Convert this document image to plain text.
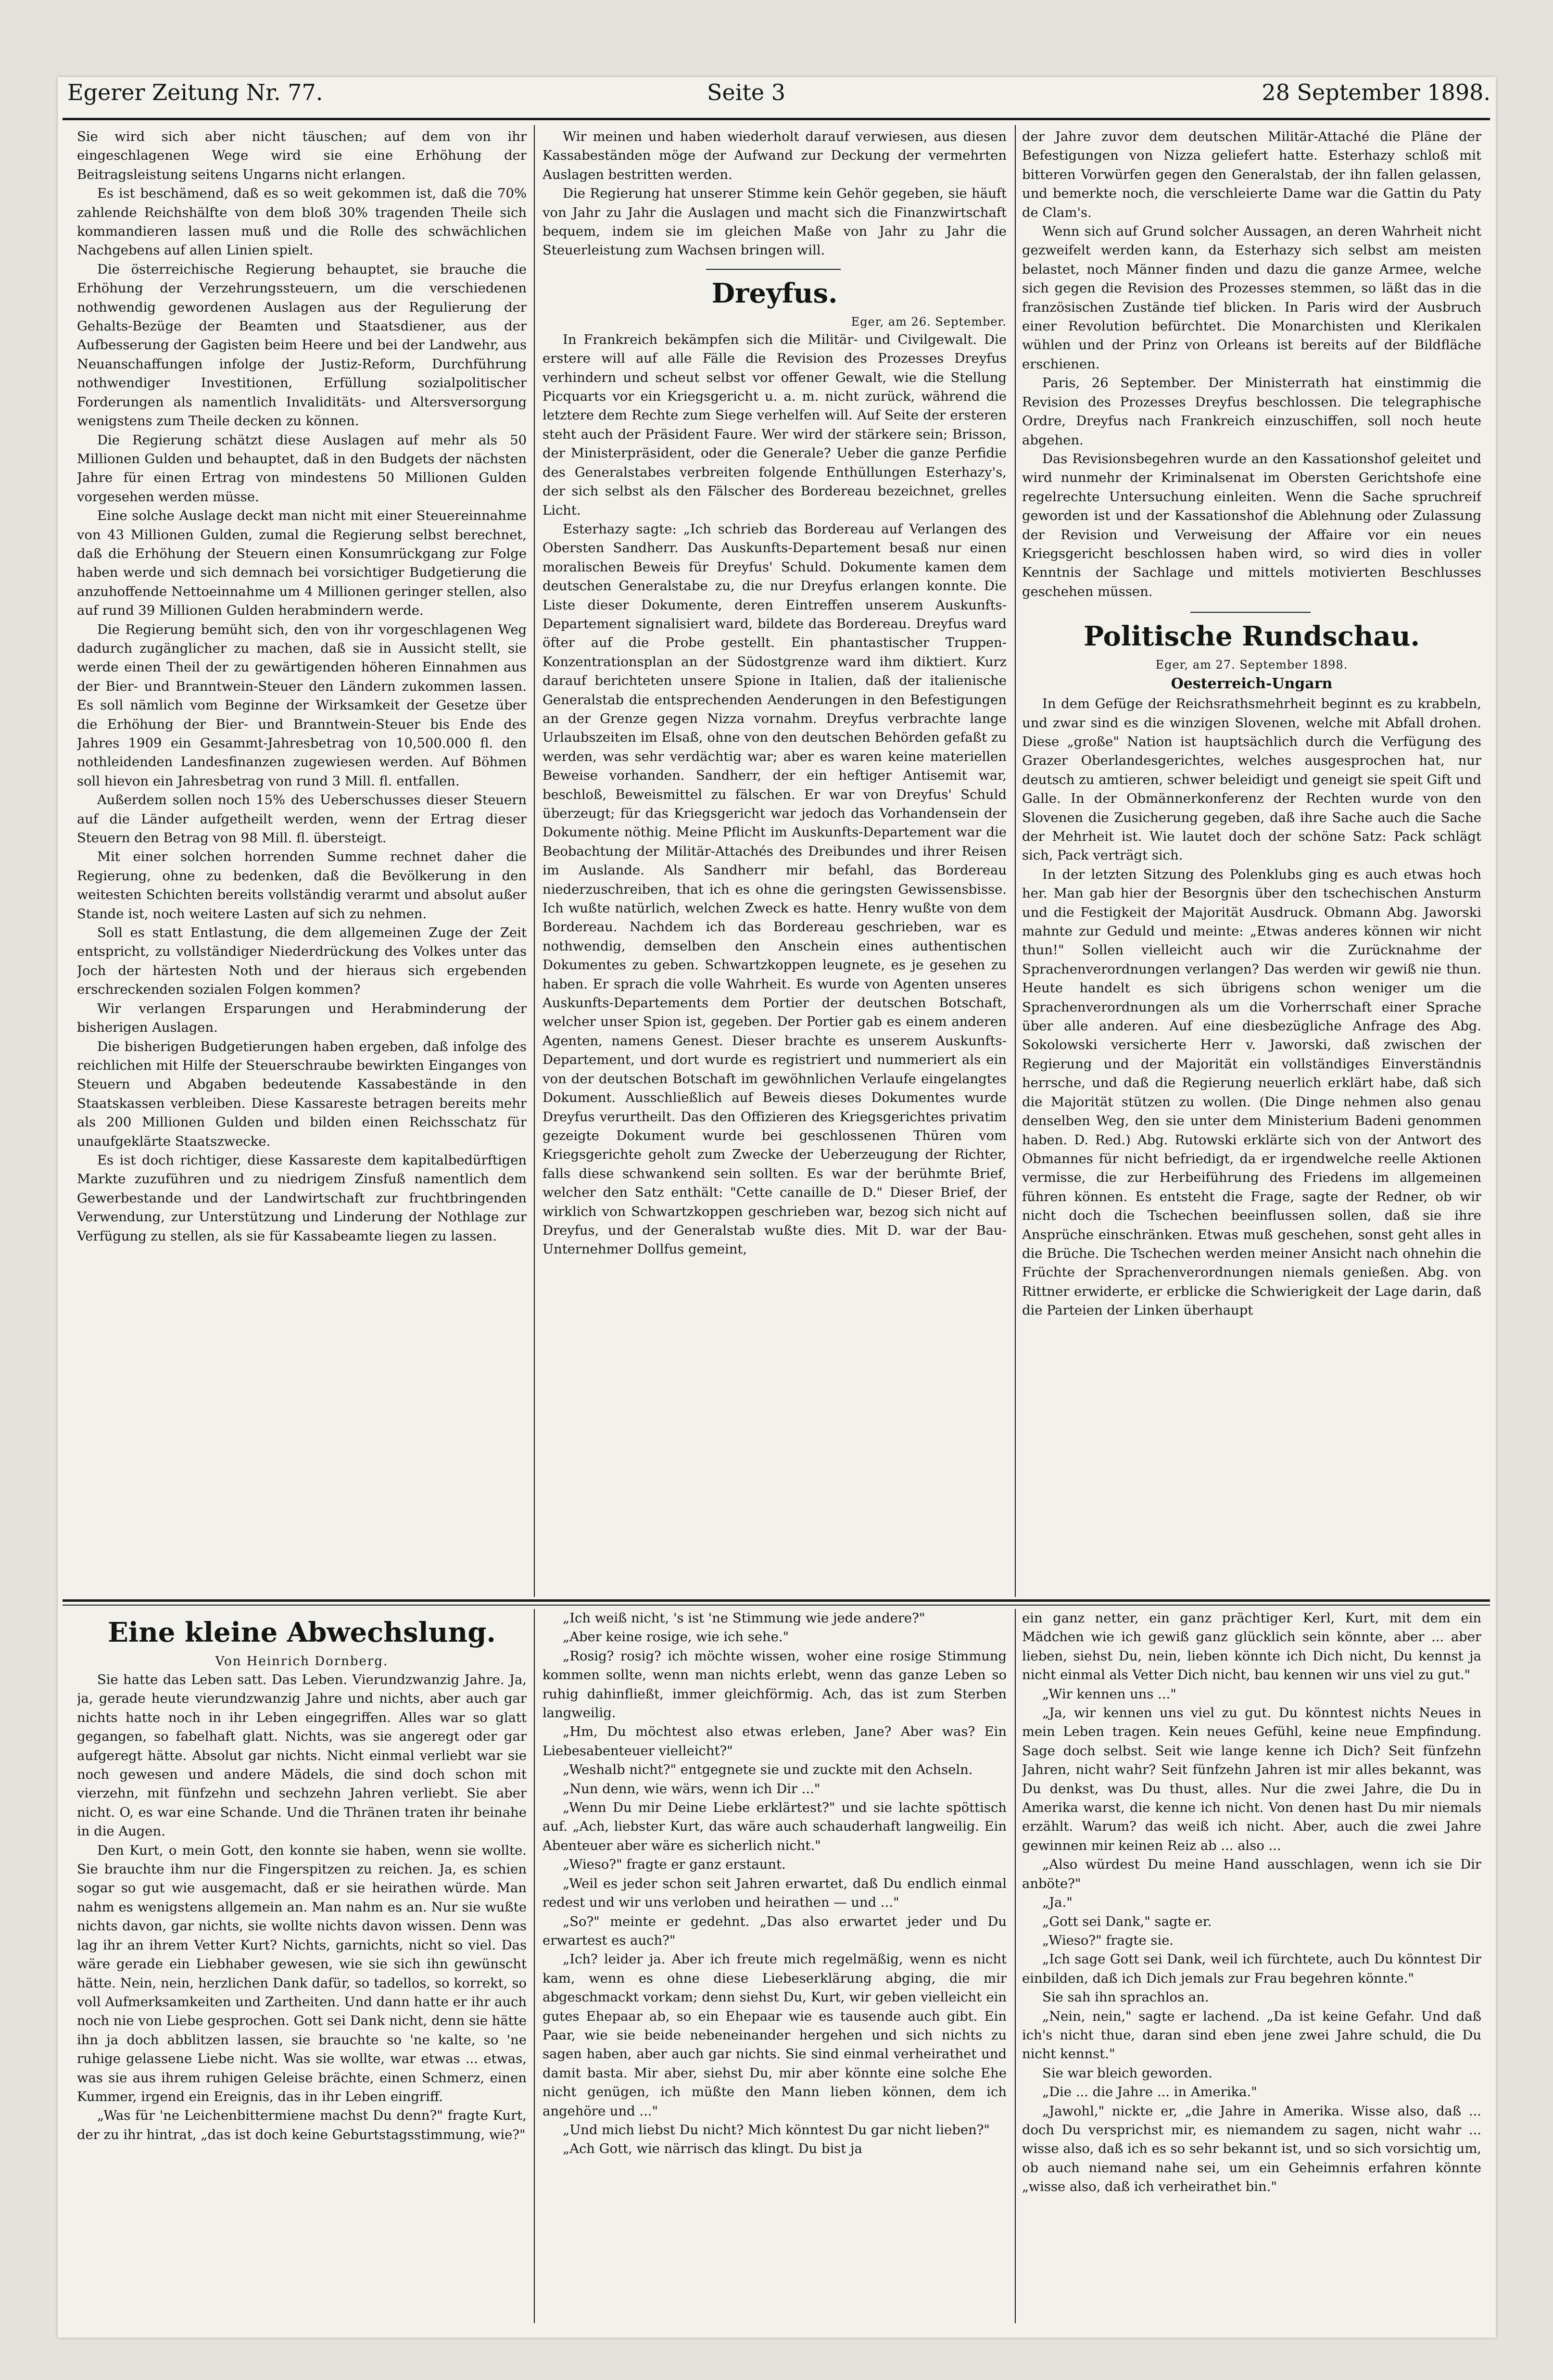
Egerer Zeitung Nr. 77.	Seite 3	28 September 1898.

Sie wird sich aber nicht täuschen; auf dem von ihr eingeschlagenen Wege wird sie eine Erhöhung der Beitragsleistung seitens Ungarns nicht erlangen.

Es ist beschämend, daß es so weit gekommen ist, daß die 70% zahlende Reichshälfte von dem bloß 30% tragenden Theile sich kommandieren lassen muß und die Rolle des schwächlichen Nachgebens auf allen Linien spielt.

Die österreichische Regierung behauptet, sie brauche die Erhöhung der Verzehrungssteuern, um die verschiedenen nothwendig gewordenen Auslagen aus der Regulierung der Gehalts-Bezüge der Beamten und Staatsdiener, aus der Aufbesserung der Gagisten beim Heere und bei der Landwehr, aus Neuanschaffungen infolge der Justiz-Reform, Durchführung nothwendiger Investitionen, Erfüllung sozialpolitischer Forderungen als namentlich Invaliditäts- und Altersversorgung wenigstens zum Theile decken zu können.

Die Regierung schätzt diese Auslagen auf mehr als 50 Millionen Gulden und behauptet, daß in den Budgets der nächsten Jahre für einen Ertrag von mindestens 50 Millionen Gulden vorgesehen werden müsse.

Eine solche Auslage deckt man nicht mit einer Steuereinnahme von 43 Millionen Gulden, zumal die Regierung selbst berechnet, daß die Erhöhung der Steuern einen Konsumrückgang zur Folge haben werde und sich demnach bei vorsichtiger Budgetierung die anzuhoffende Nettoeinnahme um 4 Millionen geringer stellen, also auf rund 39 Millionen Gulden herabmindern werde.

Die Regierung bemüht sich, den von ihr vorgeschlagenen Weg dadurch zugänglicher zu machen, daß sie in Aussicht stellt, sie werde einen Theil der zu gewärtigenden höheren Einnahmen aus der Bier- und Branntwein-Steuer den Ländern zukommen lassen. Es soll nämlich vom Beginne der Wirksamkeit der Gesetze über die Erhöhung der Bier- und Branntwein-Steuer bis Ende des Jahres 1909 ein Gesammt-Jahresbetrag von 10,500.000 fl. den nothleidenden Landesfinanzen zugewiesen werden. Auf Böhmen soll hievon ein Jahresbetrag von rund 3 Mill. fl. entfallen.

Außerdem sollen noch 15% des Ueberschusses dieser Steuern auf die Länder aufgetheilt werden, wenn der Ertrag dieser Steuern den Betrag von 98 Mill. fl. übersteigt.

Mit einer solchen horrenden Summe rechnet daher die Regierung, ohne zu bedenken, daß die Bevölkerung in den weitesten Schichten bereits vollständig verarmt und absolut außer Stande ist, noch weitere Lasten auf sich zu nehmen.

Soll es statt Entlastung, die dem allgemeinen Zuge der Zeit entspricht, zu vollständiger Niederdrückung des Volkes unter das Joch der härtesten Noth und der hieraus sich ergebenden erschreckenden sozialen Folgen kommen?

Wir verlangen Ersparungen und Herabminderung der bisherigen Auslagen.

Die bisherigen Budgetierungen haben ergeben, daß infolge des reichlichen mit Hilfe der Steuerschraube bewirkten Einganges von Steuern und Abgaben bedeutende Kassabestände in den Staatskassen verbleiben. Diese Kassareste betragen bereits mehr als 200 Millionen Gulden und bilden einen Reichsschatz für unaufgeklärte Staatszwecke.

Es ist doch richtiger, diese Kassareste dem kapitalbedürftigen Markte zuzuführen und zu niedrigem Zinsfuß namentlich dem Gewerbestande und der Landwirtschaft zur fruchtbringenden Verwendung, zur Unterstützung und Linderung der Nothlage zur Verfügung zu stellen, als sie für Kassabeamte liegen zu lassen.

Wir meinen und haben wiederholt darauf verwiesen, aus diesen Kassabeständen möge der Aufwand zur Deckung der vermehrten Auslagen bestritten werden.

Die Regierung hat unserer Stimme kein Gehör gegeben, sie häuft von Jahr zu Jahr die Auslagen und macht sich die Finanzwirtschaft bequem, indem sie im gleichen Maße von Jahr zu Jahr die Steuerleistung zum Wachsen bringen will.

Dreyfus.
Eger, am 26. September.

In Frankreich bekämpfen sich die Militär- und Civilgewalt. Die erstere will auf alle Fälle die Revision des Prozesses Dreyfus verhindern und scheut selbst vor offener Gewalt, wie die Stellung Picquarts vor ein Kriegsgericht u. a. m. nicht zurück, während die letztere dem Rechte zum Siege verhelfen will. Auf Seite der ersteren steht auch der Präsident Faure. Wer wird der stärkere sein; Brisson, der Ministerpräsident, oder die Generale? Ueber die ganze Perfidie des Generalstabes verbreiten folgende Enthüllungen Esterhazy's, der sich selbst als den Fälscher des Bordereau bezeichnet, grelles Licht.

Esterhazy sagte: „Ich schrieb das Bordereau auf Verlangen des Obersten Sandherr. Das Auskunfts-Departement besaß nur einen moralischen Beweis für Dreyfus' Schuld. Dokumente kamen dem deutschen Generalstabe zu, die nur Dreyfus erlangen konnte. Die Liste dieser Dokumente, deren Eintreffen unserem Auskunfts-Departement signalisiert ward, bildete das Bordereau. Dreyfus ward öfter auf die Probe gestellt. Ein phantastischer Truppen-Konzentrationsplan an der Südostgrenze ward ihm diktiert. Kurz darauf berichteten unsere Spione in Italien, daß der italienische Generalstab die entsprechenden Aenderungen in den Befestigungen an der Grenze gegen Nizza vornahm. Dreyfus verbrachte lange Urlaubszeiten im Elsaß, ohne von den deutschen Behörden gefaßt zu werden, was sehr verdächtig war; aber es waren keine materiellen Beweise vorhanden. Sandherr, der ein heftiger Antisemit war, beschloß, Beweismittel zu fälschen. Er war von Dreyfus' Schuld überzeugt; für das Kriegsgericht war jedoch das Vorhandensein der Dokumente nöthig. Meine Pflicht im Auskunfts-Departement war die Beobachtung der Militär-Attachés des Dreibundes und ihrer Reisen im Auslande. Als Sandherr mir befahl, das Bordereau niederzuschreiben, that ich es ohne die geringsten Gewissensbisse. Ich wußte natürlich, welchen Zweck es hatte. Henry wußte von dem Bordereau. Nachdem ich das Bordereau geschrieben, war es nothwendig, demselben den Anschein eines authentischen Dokumentes zu geben. Schwartzkoppen leugnete, es je gesehen zu haben. Er sprach die volle Wahrheit. Es wurde von Agenten unseres Auskunfts-Departements dem Portier der deutschen Botschaft, welcher unser Spion ist, gegeben. Der Portier gab es einem anderen Agenten, namens Genest. Dieser brachte es unserem Auskunfts-Departement, und dort wurde es registriert und nummeriert als ein von der deutschen Botschaft im gewöhnlichen Verlaufe eingelangtes Dokument. Ausschließlich auf Beweis dieses Dokumentes wurde Dreyfus verurtheilt. Das den Offizieren des Kriegsgerichtes privatim gezeigte Dokument wurde bei geschlossenen Thüren vom Kriegsgerichte geholt zum Zwecke der Ueberzeugung der Richter, falls diese schwankend sein sollten. Es war der berühmte Brief, welcher den Satz enthält: "Cette canaille de D." Dieser Brief, der wirklich von Schwartzkoppen geschrieben war, bezog sich nicht auf Dreyfus, und der Generalstab wußte dies. Mit D. war der Bau-Unternehmer Dollfus gemeint,

der Jahre zuvor dem deutschen Militär-Attaché die Pläne der Befestigungen von Nizza geliefert hatte. Esterhazy schloß mit bitteren Vorwürfen gegen den Generalstab, der ihn fallen gelassen, und bemerkte noch, die verschleierte Dame war die Gattin du Paty de Clam's.

Wenn sich auf Grund solcher Aussagen, an deren Wahrheit nicht gezweifelt werden kann, da Esterhazy sich selbst am meisten belastet, noch Männer finden und dazu die ganze Armee, welche sich gegen die Revision des Prozesses stemmen, so läßt das in die französischen Zustände tief blicken. In Paris wird der Ausbruch einer Revolution befürchtet. Die Monarchisten und Klerikalen wühlen und der Prinz von Orleans ist bereits auf der Bildfläche erschienen.

Paris, 26 September. Der Ministerrath hat einstimmig die Revision des Prozesses Dreyfus beschlossen. Die telegraphische Ordre, Dreyfus nach Frankreich einzuschiffen, soll noch heute abgehen.

Das Revisionsbegehren wurde an den Kassationshof geleitet und wird nunmehr der Kriminalsenat im Obersten Gerichtshofe eine regelrechte Untersuchung einleiten. Wenn die Sache spruchreif geworden ist und der Kassationshof die Ablehnung oder Zulassung der Revision und Verweisung der Affaire vor ein neues Kriegsgericht beschlossen haben wird, so wird dies in voller Kenntnis der Sachlage und mittels motivierten Beschlusses geschehen müssen.

Politische Rundschau.
Eger, am 27. September 1898.
Oesterreich-Ungarn

In dem Gefüge der Reichsrathsmehrheit beginnt es zu krabbeln, und zwar sind es die winzigen Slovenen, welche mit Abfall drohen. Diese „große" Nation ist hauptsächlich durch die Verfügung des Grazer Oberlandesgerichtes, welches ausgesprochen hat, nur deutsch zu amtieren, schwer beleidigt und geneigt sie speit Gift und Galle. In der Obmännerkonferenz der Rechten wurde von den Slovenen die Zusicherung gegeben, daß ihre Sache auch die Sache der Mehrheit ist. Wie lautet doch der schöne Satz: Pack schlägt sich, Pack verträgt sich.

In der letzten Sitzung des Polenklubs ging es auch etwas hoch her. Man gab hier der Besorgnis über den tschechischen Ansturm und die Festigkeit der Majorität Ausdruck. Obmann Abg. Jaworski mahnte zur Geduld und meinte: „Etwas anderes können wir nicht thun!" Sollen vielleicht auch wir die Zurücknahme der Sprachenverordnungen verlangen? Das werden wir gewiß nie thun. Heute handelt es sich übrigens schon weniger um die Sprachenverordnungen als um die Vorherrschaft einer Sprache über alle anderen. Auf eine diesbezügliche Anfrage des Abg. Sokolowski versicherte Herr v. Jaworski, daß zwischen der Regierung und der Majorität ein vollständiges Einverständnis herrsche, und daß die Regierung neuerlich erklärt habe, daß sich die Majorität stützen zu wollen. (Die Dinge nehmen also genau denselben Weg, den sie unter dem Ministerium Badeni genommen haben. D. Red.) Abg. Rutowski erklärte sich von der Antwort des Obmannes für nicht befriedigt, da er irgendwelche reelle Aktionen vermisse, die zur Herbeiführung des Friedens im allgemeinen führen können. Es entsteht die Frage, sagte der Redner, ob wir nicht doch die Tschechen beeinflussen sollen, daß sie ihre Ansprüche einschränken. Etwas muß geschehen, sonst geht alles in die Brüche. Die Tschechen werden meiner Ansicht nach ohnehin die Früchte der Sprachenverordnungen niemals genießen. Abg. von Rittner erwiderte, er erblicke die Schwierigkeit der Lage darin, daß die Parteien der Linken überhaupt

Eine kleine Abwechslung.
Von Heinrich Dornberg.

Sie hatte das Leben satt. Das Leben. Vierundzwanzig Jahre. Ja, ja, gerade heute vierundzwanzig Jahre und nichts, aber auch gar nichts hatte noch in ihr Leben eingegriffen. Alles war so glatt gegangen, so fabelhaft glatt. Nichts, was sie angeregt oder gar aufgeregt hätte. Absolut gar nichts. Nicht einmal verliebt war sie noch gewesen und andere Mädels, die sind doch schon mit vierzehn, mit fünfzehn und sechzehn Jahren verliebt. Sie aber nicht. O, es war eine Schande. Und die Thränen traten ihr beinahe in die Augen.

Den Kurt, o mein Gott, den konnte sie haben, wenn sie wollte. Sie brauchte ihm nur die Fingerspitzen zu reichen. Ja, es schien sogar so gut wie ausgemacht, daß er sie heirathen würde. Man nahm es wenigstens allgemein an. Man nahm es an. Nur sie wußte nichts davon, gar nichts, sie wollte nichts davon wissen. Denn was lag ihr an ihrem Vetter Kurt? Nichts, garnichts, nicht so viel. Das wäre gerade ein Liebhaber gewesen, wie sie sich ihn gewünscht hätte. Nein, nein, herzlichen Dank dafür, so tadellos, so korrekt, so voll Aufmerksamkeiten und Zartheiten. Und dann hatte er ihr auch noch nie von Liebe gesprochen. Gott sei Dank nicht, denn sie hätte ihn ja doch abblitzen lassen, sie brauchte so 'ne kalte, so 'ne ruhige gelassene Liebe nicht. Was sie wollte, war etwas ... etwas, was sie aus ihrem ruhigen Geleise brächte, einen Schmerz, einen Kummer, irgend ein Ereignis, das in ihr Leben eingriff.

„Was für 'ne Leichenbittermiene machst Du denn?" fragte Kurt, der zu ihr hintrat, „das ist doch keine Geburtstagsstimmung, wie?"

„Ich weiß nicht, 's ist 'ne Stimmung wie jede andere?"

„Aber keine rosige, wie ich sehe."

„Rosig? rosig? ich möchte wissen, woher eine rosige Stimmung kommen sollte, wenn man nichts erlebt, wenn das ganze Leben so ruhig dahinfließt, immer gleichförmig. Ach, das ist zum Sterben langweilig.

„Hm, Du möchtest also etwas erleben, Jane? Aber was? Ein Liebesabenteuer vielleicht?"

„Weshalb nicht?" entgegnete sie und zuckte mit den Achseln.

„Nun denn, wie wärs, wenn ich Dir ..."

„Wenn Du mir Deine Liebe erklärtest?" und sie lachte spöttisch auf. „Ach, liebster Kurt, das wäre auch schauderhaft langweilig. Ein Abenteuer aber wäre es sicherlich nicht."

„Wieso?" fragte er ganz erstaunt.

„Weil es jeder schon seit Jahren erwartet, daß Du endlich einmal redest und wir uns verloben und heirathen — und ..."

„So?" meinte er gedehnt. „Das also erwartet jeder und Du erwartest es auch?"

„Ich? leider ja. Aber ich freute mich regelmäßig, wenn es nicht kam, wenn es ohne diese Liebeserklärung abging, die mir abgeschmackt vorkam; denn siehst Du, Kurt, wir geben vielleicht ein gutes Ehepaar ab, so ein Ehepaar wie es tausende auch gibt. Ein Paar, wie sie beide nebeneinander hergehen und sich nichts zu sagen haben, aber auch gar nichts. Sie sind einmal verheirathet und damit basta. Mir aber, siehst Du, mir aber könnte eine solche Ehe nicht genügen, ich müßte den Mann lieben können, dem ich angehöre und ..."

„Und mich liebst Du nicht? Mich könntest Du gar nicht lieben?"

„Ach Gott, wie närrisch das klingt. Du bist ja

ein ganz netter, ein ganz prächtiger Kerl, Kurt, mit dem ein Mädchen wie ich gewiß ganz glücklich sein könnte, aber ... aber lieben, siehst Du, nein, lieben könnte ich Dich nicht, Du kennst ja nicht einmal als Vetter Dich nicht, bau kennen wir uns viel zu gut."

„Wir kennen uns ..."

„Ja, wir kennen uns viel zu gut. Du könntest nichts Neues in mein Leben tragen. Kein neues Gefühl, keine neue Empfindung. Sage doch selbst. Seit wie lange kenne ich Dich? Seit fünfzehn Jahren, nicht wahr? Seit fünfzehn Jahren ist mir alles bekannt, was Du denkst, was Du thust, alles. Nur die zwei Jahre, die Du in Amerika warst, die kenne ich nicht. Von denen hast Du mir niemals erzählt. Warum? das weiß ich nicht. Aber, auch die zwei Jahre gewinnen mir keinen Reiz ab ... also ...

„Also würdest Du meine Hand ausschlagen, wenn ich sie Dir anböte?"

„Ja."

„Gott sei Dank," sagte er.

„Wieso?" fragte sie.

„Ich sage Gott sei Dank, weil ich fürchtete, auch Du könntest Dir einbilden, daß ich Dich jemals zur Frau begehren könnte."

Sie sah ihn sprachlos an.

„Nein, nein," sagte er lachend. „Da ist keine Gefahr. Und daß ich's nicht thue, daran sind eben jene zwei Jahre schuld, die Du nicht kennst."

Sie war bleich geworden.

„Die ... die Jahre ... in Amerika."

„Jawohl," nickte er, „die Jahre in Amerika. Wisse also, daß ... doch Du versprichst mir, es niemandem zu sagen, nicht wahr ... wisse also, daß ich es so sehr bekannt ist, und so sich vorsichtig um, ob auch niemand nahe sei, um ein Geheimnis erfahren könnte „wisse also, daß ich verheirathet bin."
